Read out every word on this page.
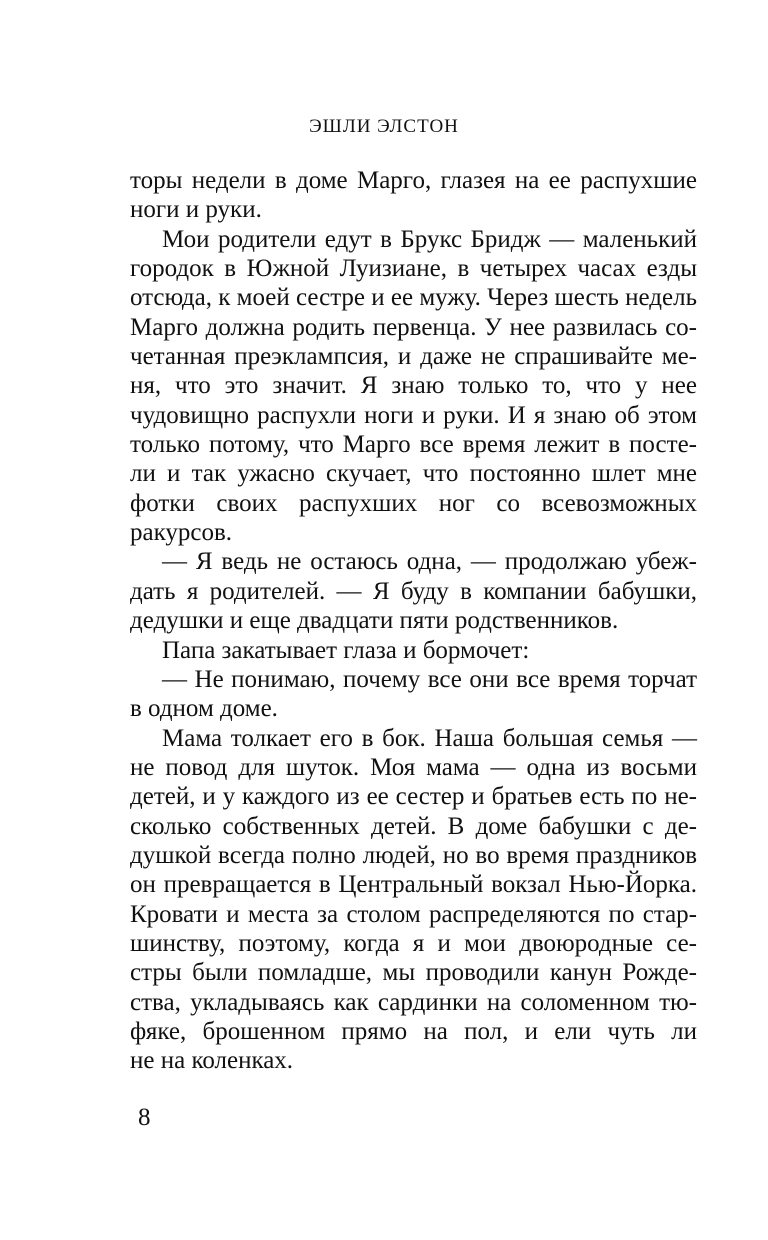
ЭШЛИ ЭЛСТОН
торы недели в доме Марго, глазея на ее распухшие
ноги и руки.
Мои родители едут в Брукс Бридж — маленький
городок в Южной Луизиане, в четырех часах езды
отсюда, к моей сестре и ее мужу. Через шесть недель
Марго должна родить первенца. У нее развилась со-
четанная преэклампсия, и даже не спрашивайте ме-
ня, что это значит. Я знаю только то, что у нее
чудовищно распухли ноги и руки. И я знаю об этом
только потому, что Марго все время лежит в посте-
ли и так ужасно скучает, что постоянно шлет мне
фотки своих распухших ног со всевозможных
ракурсов.
— Я ведь не остаюсь одна, — продолжаю убеж-
дать я родителей. — Я буду в компании бабушки,
дедушки и еще двадцати пяти родственников.
Папа закатывает глаза и бормочет:
— Не понимаю, почему все они все время торчат
в одном доме.
Мама толкает его в бок. Наша большая семья —
не повод для шуток. Моя мама — одна из восьми
детей, и у каждого из ее сестер и братьев есть по не-
сколько собственных детей. В доме бабушки с де-
душкой всегда полно людей, но во время праздников
он превращается в Центральный вокзал Нью-Йорка.
Кровати и места за столом распределяются по стар-
шинству, поэтому, когда я и мои двоюродные се-
стры были помладше, мы проводили канун Рожде-
ства, укладываясь как сардинки на соломенном тю-
фяке, брошенном прямо на пол, и ели чуть ли
не на коленках.
8
